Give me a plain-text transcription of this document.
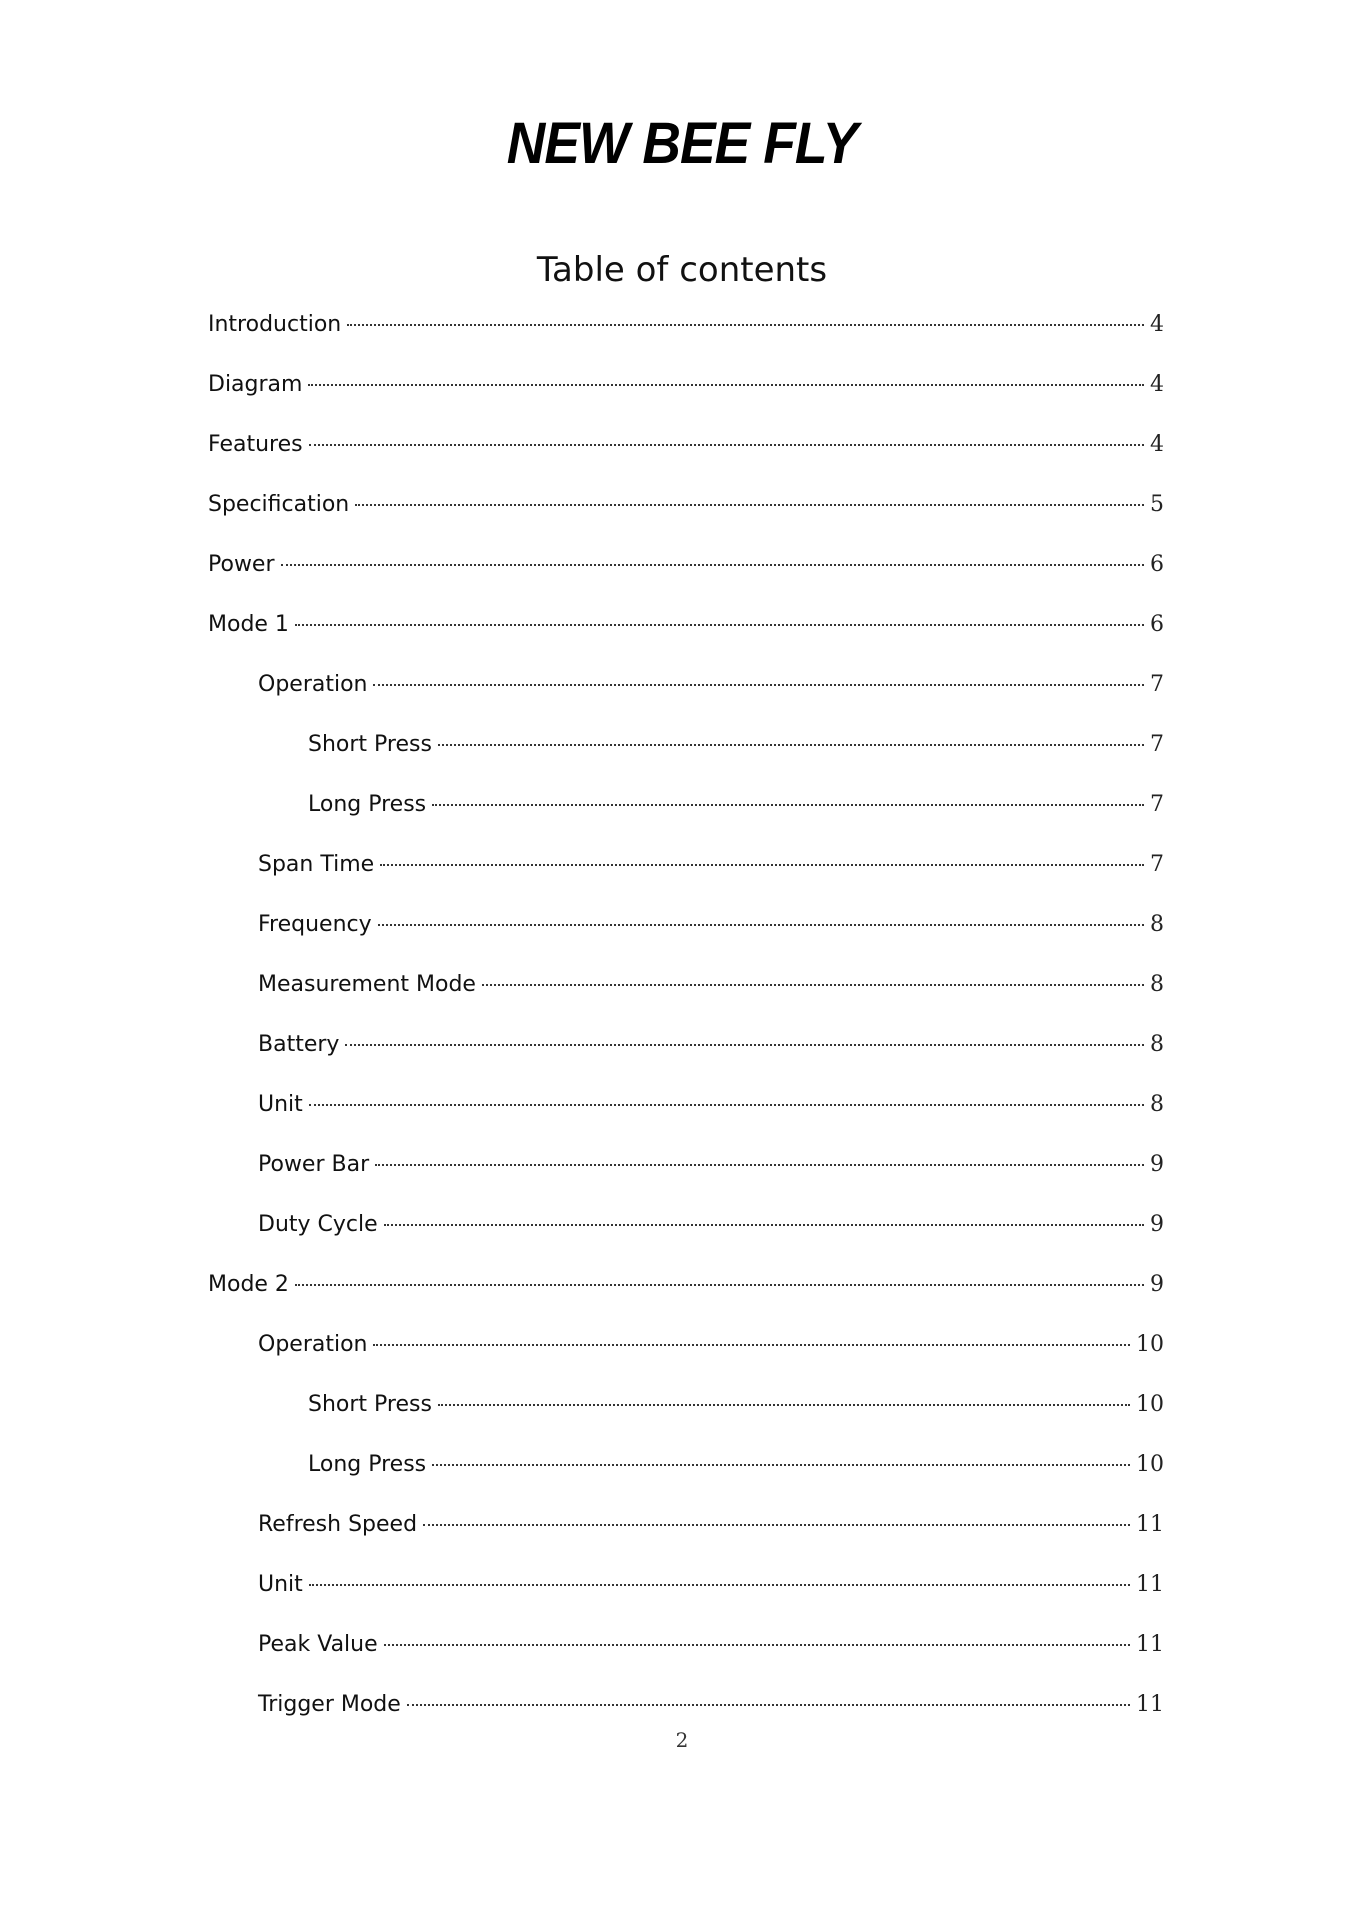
NEW BEE FLY
Table of contents
Introduction	4
Diagram	4
Features	4
Specification	5
Power	6
Mode 1	6
Operation	7
Short Press	7
Long Press	7
Span Time	7
Frequency	8
Measurement Mode	8
Battery	8
Unit	8
Power Bar	9
Duty Cycle	9
Mode 2	9
Operation	10
Short Press	10
Long Press	10
Refresh Speed	11
Unit	11
Peak Value	11
Trigger Mode	11
2
